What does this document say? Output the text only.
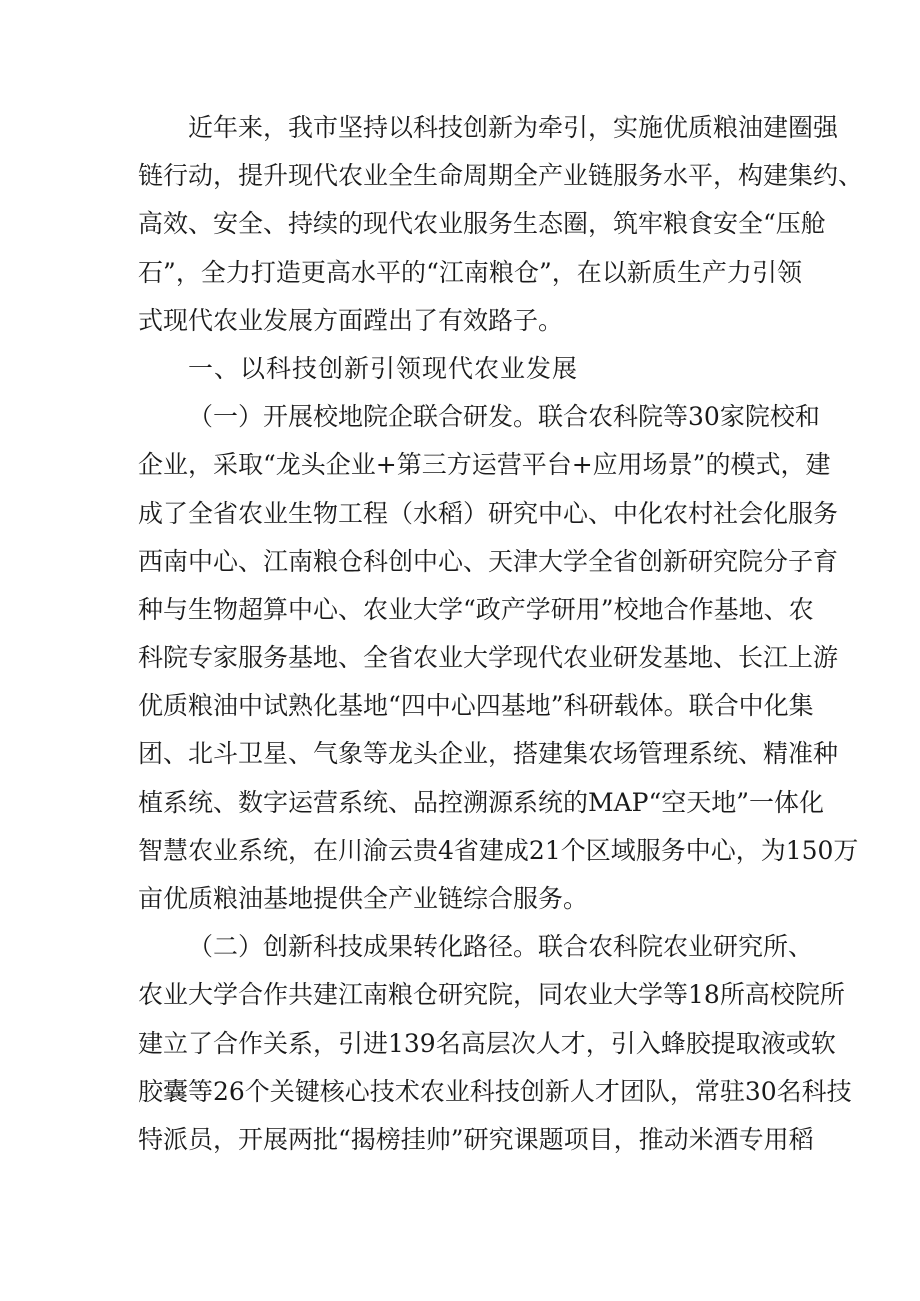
近年来，我市坚持以科技创新为牵引，实施优质粮油建圈强
链行动，提升现代农业全生命周期全产业链服务水平，构建集约、
高效、安全、持续的现代农业服务生态圈，筑牢粮食安全“压舱
石”，全力打造更高水平的“江南粮仓”，在以新质生产力引领
式现代农业发展方面蹚出了有效路子。
一、以科技创新引领现代农业发展
（一）开展校地院企联合研发。联合农科院等30家院校和
企业，采取“龙头企业+第三方运营平台+应用场景”的模式，建
成了全省农业生物工程（水稻）研究中心、中化农村社会化服务
西南中心、江南粮仓科创中心、天津大学全省创新研究院分子育
种与生物超算中心、农业大学“政产学研用”校地合作基地、农
科院专家服务基地、全省农业大学现代农业研发基地、长江上游
优质粮油中试熟化基地“四中心四基地”科研载体。联合中化集
团、北斗卫星、气象等龙头企业，搭建集农场管理系统、精准种
植系统、数字运营系统、品控溯源系统的MAP“空天地”一体化
智慧农业系统，在川渝云贵4省建成21个区域服务中心，为150万
亩优质粮油基地提供全产业链综合服务。
（二）创新科技成果转化路径。联合农科院农业研究所、
农业大学合作共建江南粮仓研究院，同农业大学等18所高校院所
建立了合作关系，引进139名高层次人才，引入蜂胶提取液或软
胶囊等26个关键核心技术农业科技创新人才团队，常驻30名科技
特派员，开展两批“揭榜挂帅”研究课题项目，推动米酒专用稻
